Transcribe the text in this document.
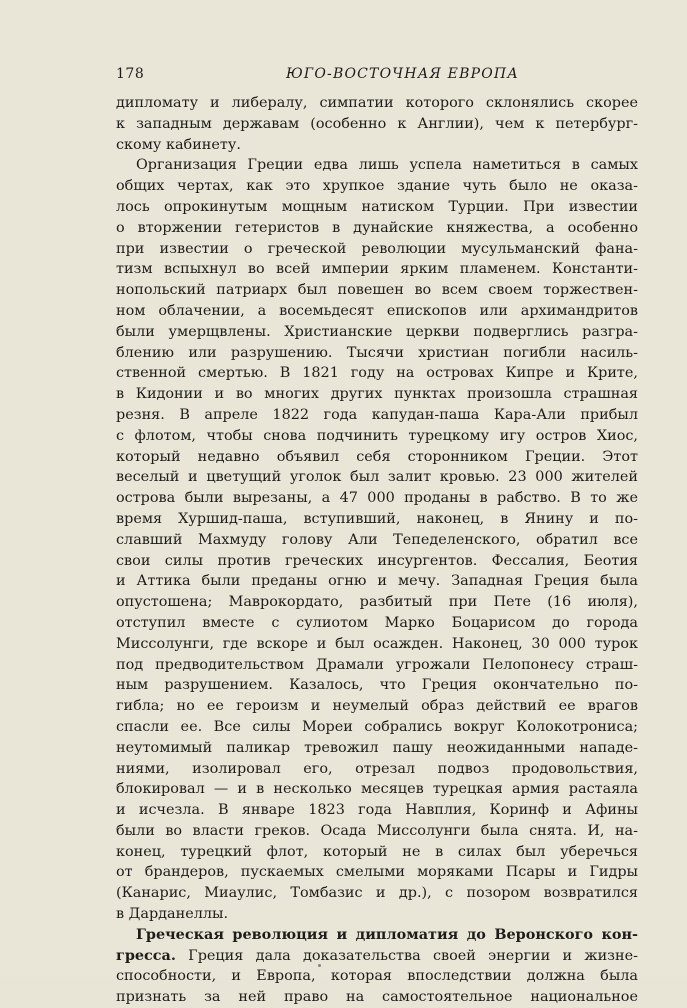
178	ЮГО-ВОСТОЧНАЯ ЕВРОПА
дипломату и либералу, симпатии которого склонялись скорее
к западным державам (особенно к Англии), чем к петербург-
скому кабинету.
Организация Греции едва лишь успела наметиться в самых
общих чертах, как это хрупкое здание чуть было не оказа-
лось опрокинутым мощным натиском Турции. При известии
о вторжении гетеристов в дунайские княжества, а особенно
при известии о греческой революции мусульманский фана-
тизм вспыхнул во всей империи ярким пламенем. Константи-
нопольский патриарх был повешен во всем своем торжествен-
ном облачении, а восемьдесят епископов или архимандритов
были умерщвлены. Христианские церкви подверглись разгра-
блению или разрушению. Тысячи христиан погибли насиль-
ственной смертью. В 1821 году на островах Кипре и Крите,
в Кидонии и во многих других пунктах произошла страшная
резня. В апреле 1822 года капудан-паша Кара-Али прибыл
с флотом, чтобы снова подчинить турецкому игу остров Хиос,
который недавно объявил себя сторонником Греции. Этот
веселый и цветущий уголок был залит кровью. 23 000 жителей
острова были вырезаны, а 47 000 проданы в рабство. В то же
время Хуршид-паша, вступивший, наконец, в Янину и по-
славший Махмуду голову Али Тепеделенского, обратил все
свои силы против греческих инсургентов. Фессалия, Беотия
и Аттика были преданы огню и мечу. Западная Греция была
опустошена; Маврокордато, разбитый при Пете (16 июля),
отступил вместе с сулиотом Марко Боцарисом до города
Миссолунги, где вскоре и был осажден. Наконец, 30 000 турок
под предводительством Драмали угрожали Пелопонесу страш-
ным разрушением. Казалось, что Греция окончательно по-
гибла; но ее героизм и неумелый образ действий ее врагов
спасли ее. Все силы Мореи собрались вокруг Колокотрониса;
неутомимый паликар тревожил пашу неожиданными нападе-
ниями, изолировал его, отрезал подвоз продовольствия,
блокировал — и в несколько месяцев турецкая армия растаяла
и исчезла. В январе 1823 года Навплия, Коринф и Афины
были во власти греков. Осада Миссолунги была снята. И, на-
конец, турецкий флот, который не в силах был уберечься
от брандеров, пускаемых смелыми моряками Псары и Гидры
(Канарис, Миаулис, Томбазис и др.), с позором возвратился
в Дарданеллы.
Греческая революция и дипломатия до Веронского кон-
гресса. Греция дала доказательства своей энергии и жизне-
способности, и Европа, которая впоследствии должна была
признать за ней право на самостоятельное национальное
